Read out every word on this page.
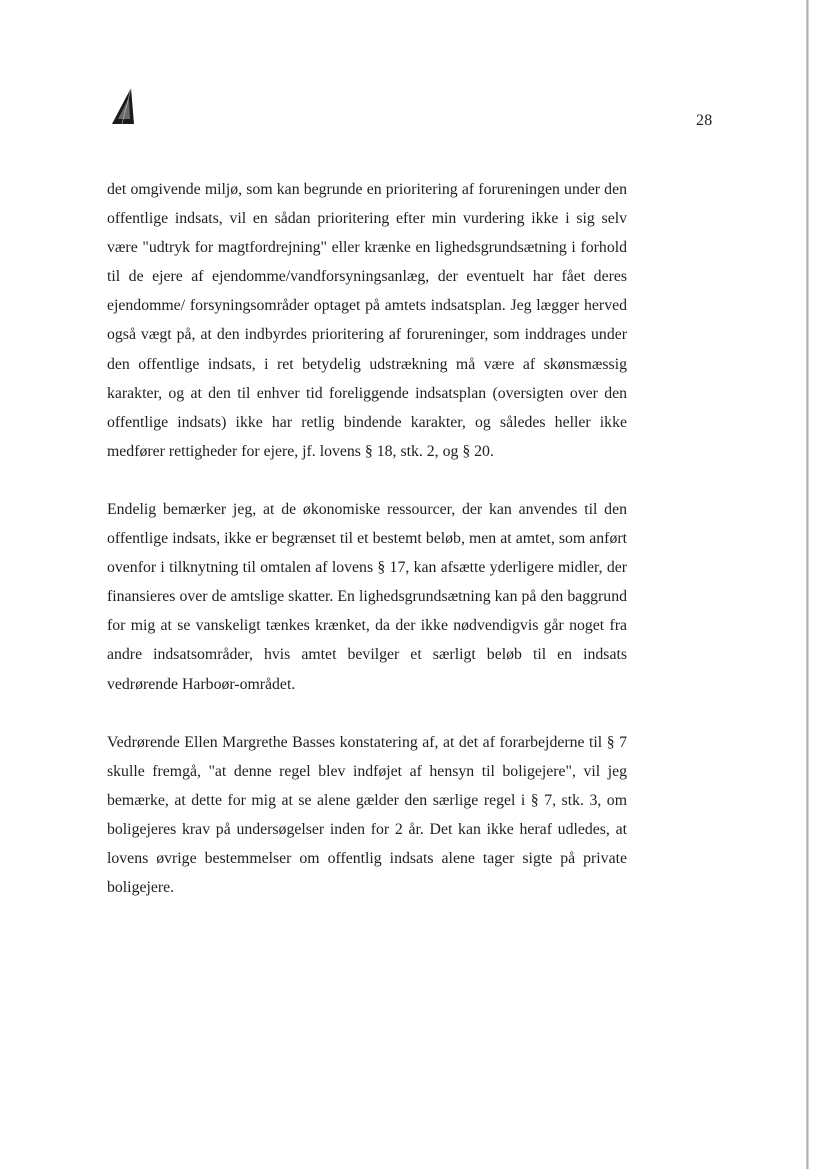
28

det omgivende miljø, som kan begrunde en prioritering af forureningen under den offentlige indsats, vil en sådan prioritering efter min vurdering ikke i sig selv være "udtryk for magtfordrejning" eller krænke en lighedsgrundsætning i forhold til de ejere af ejendomme/vandforsyningsanlæg, der eventuelt har fået deres ejendomme/ forsyningsområder optaget på amtets indsatsplan. Jeg lægger herved også vægt på, at den indbyrdes prioritering af forureninger, som inddrages under den offentlige indsats, i ret betydelig udstrækning må være af skønsmæssig karakter, og at den til enhver tid foreliggende indsatsplan (oversigten over den offentlige indsats) ikke har retlig bindende karakter, og således heller ikke medfører rettigheder for ejere, jf. lovens § 18, stk. 2, og § 20.

Endelig bemærker jeg, at de økonomiske ressourcer, der kan anvendes til den offentlige indsats, ikke er begrænset til et bestemt beløb, men at amtet, som anført ovenfor i tilknytning til omtalen af lovens § 17, kan afsætte yderligere midler, der finansieres over de amtslige skatter. En lighedsgrundsætning kan på den baggrund for mig at se vanskeligt tænkes krænket, da der ikke nødvendigvis går noget fra andre indsatsområder, hvis amtet bevilger et særligt beløb til en indsats vedrørende Harboør-området.

Vedrørende Ellen Margrethe Basses konstatering af, at det af forarbejderne til § 7 skulle fremgå, "at denne regel blev indføjet af hensyn til boligejere", vil jeg bemærke, at dette for mig at se alene gælder den særlige regel i § 7, stk. 3, om boligejeres krav på undersøgelser inden for 2 år. Det kan ikke heraf udledes, at lovens øvrige bestemmelser om offentlig indsats alene tager sigte på private boligejere.
